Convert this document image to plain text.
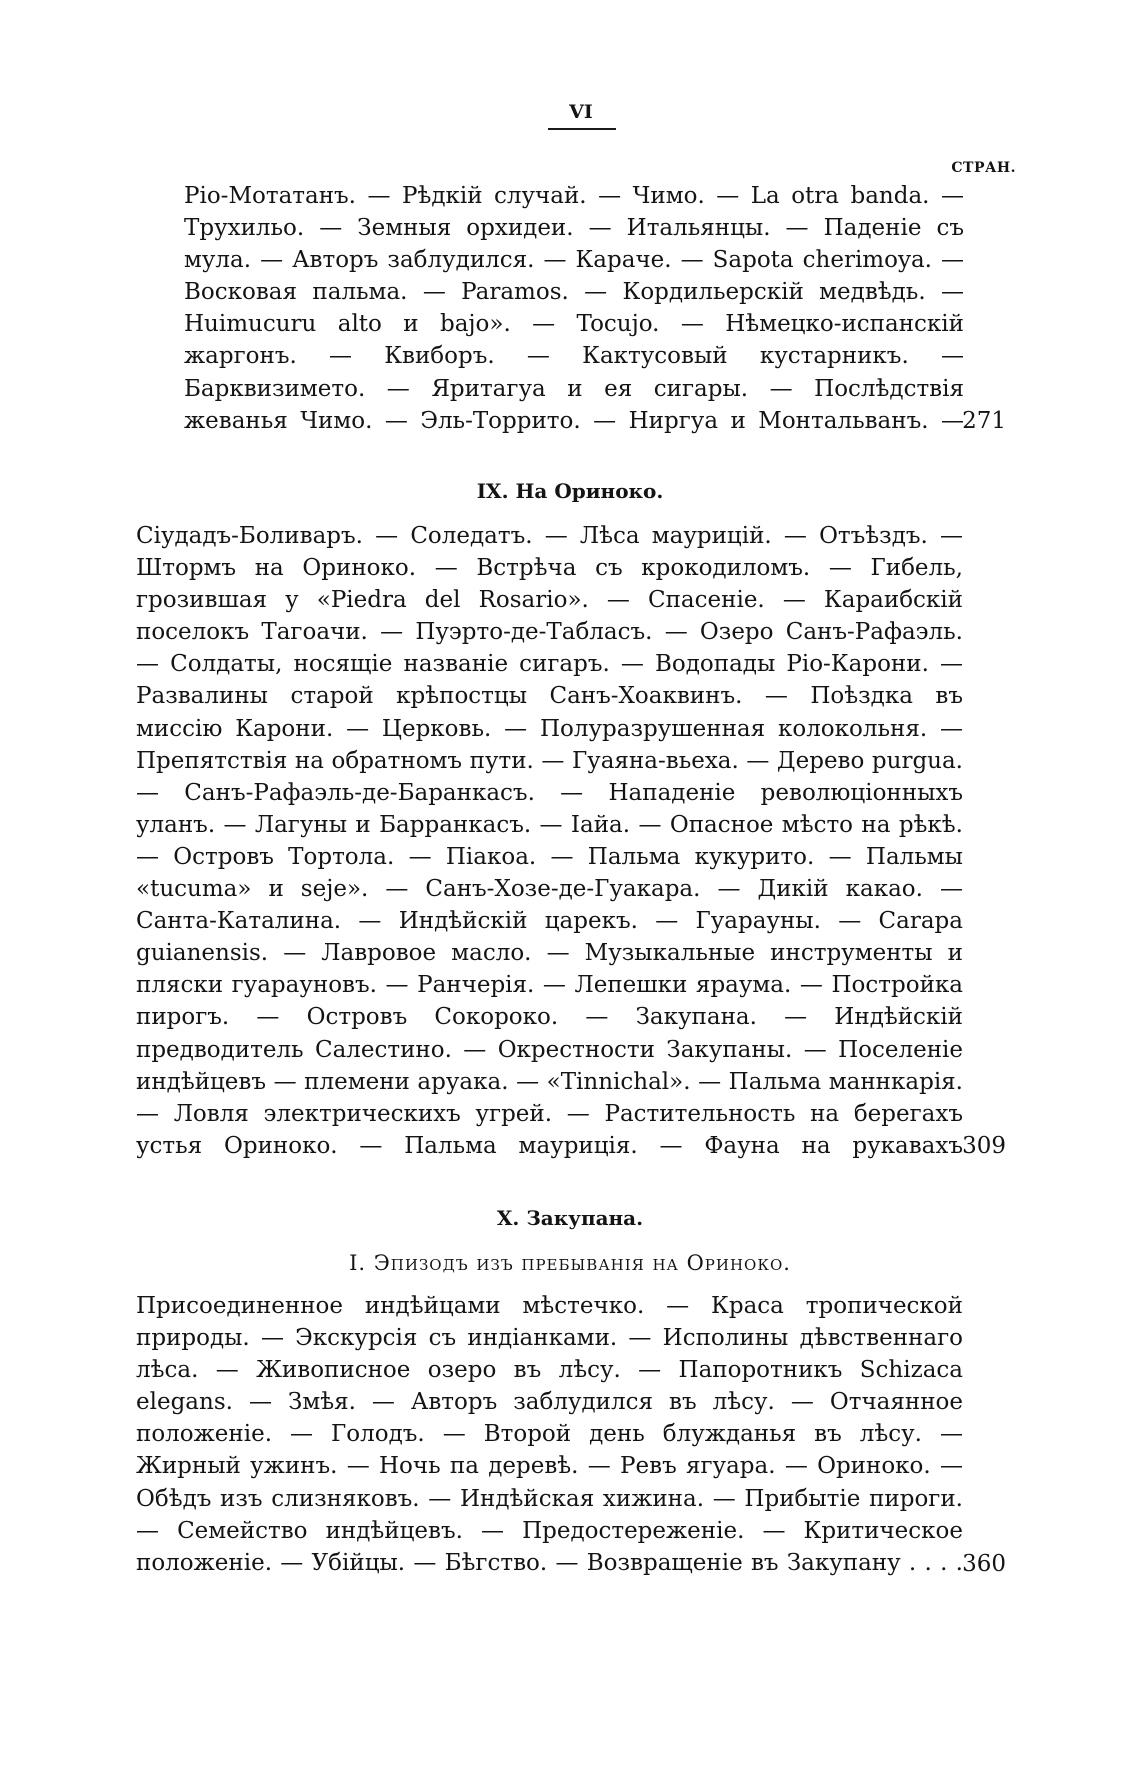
VI
СТРАН.
Ріо-Мотатанъ. — Рѣдкій случай. — Чимо. — La otra banda. — Трухильо. — Земныя орхидеи. — Итальянцы. — Паденіе съ мула. — Авторъ заблудился. — Караче. — Sapota cherimoya. — Восковая пальма. — Paramos. — Кордильерскій медвѣдь. — Huimucuru alto и bajo». — Tocujo. — Нѣмецко-испанскій жаргонъ. — Квиборъ. — Кактусовый кустарникъ. — Барквизимето. — Яритагуа и ея сигары. — Послѣдствія жеванья Чимо. — Эль-Торрито. — Ниргуа и Монтальванъ. —
271
IX. На Ориноко.
Сіудадъ-Боливаръ. — Соледатъ. — Лѣса маурицій. — Отъѣздъ. — Штормъ на Ориноко. — Встрѣча съ крокодиломъ. — Гибель, грозившая у «Piedra del Rosario». — Спасеніе. — Караибскій поселокъ Тагоачи. — Пуэрто-де-Табласъ. — Озеро Санъ-Рафаэль. — Солдаты, носящіе названіе сигаръ. — Водопады Ріо-Карони. — Развалины старой крѣпостцы Санъ-Хоаквинъ. — Поѣздка въ миссію Карони. — Церковь. — Полуразрушенная колокольня. — Препятствія на обратномъ пути. — Гуаяна-вьеха. — Дерево purgua. — Санъ-Рафаэль-де-Баранкасъ. — Нападеніе революціонныхъ уланъ. — Лагуны и Барранкасъ. — Іайа. — Опасное мѣсто на рѣкѣ. — Островъ Тортола. — Піакоа. — Пальма кукурито. — Пальмы «tucuma» и seje». — Санъ-Хозе-де-Гуакара. — Дикій какао. — Санта-Каталина. — Индѣйскій царекъ. — Гуарауны. — Carapa guianensis. — Лавровое масло. — Музыкальные инструменты и пляски гуарауновъ. — Ранчерія. — Лепешки яраума. — Постройка пирогъ. — Островъ Сокороко. — Закупана. — Индѣйскій предводитель Салестино. — Окрестности Закупаны. — Поселеніе индѣйцевъ — племени аруака. — «Tinnichal». — Пальма маннкарія. — Ловля электрическихъ угрей. — Растительность на берегахъ устья Ориноко. — Пальма маурицiя. — Фауна на рукавахъ 309
X. Закупана.
I. Эпизодъ изъ пребыванія на Ориноко.
Присоединенное индѣйцами мѣстечко. — Краса тропической природы. — Экскурсія съ индіанками. — Исполины дѣвственнаго лѣса. — Живописное озеро въ лѣсу. — Папоротникъ Schizaca elegans. — Змѣя. — Авторъ заблудился въ лѣсу. — Отчаянное положеніе. — Голодъ. — Второй день блужданья въ лѣсу. — Жирный ужинъ. — Ночь па деревѣ. — Ревъ ягуара. — Ориноко. — Обѣдъ изъ слизняковъ. — Индѣйская хижина. — Прибытіе пироги. — Семейство индѣйцевъ. — Предостереженіе. — Критическое положеніе. — Убійцы. — Бѣгство. — Возвращеніе въ Закупану . . . . 360
